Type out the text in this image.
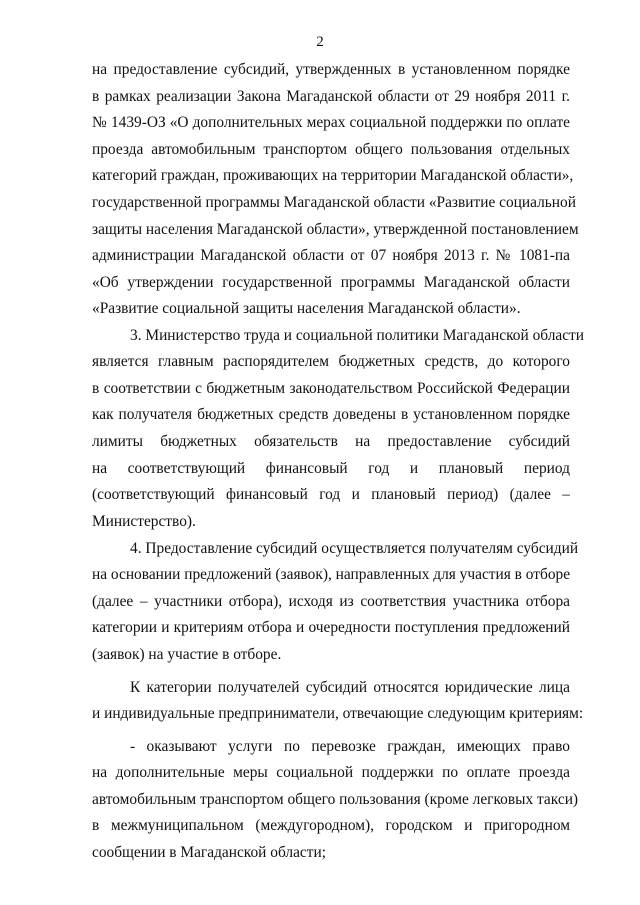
2
на предоставление субсидий, утвержденных в установленном порядке
в рамках реализации Закона Магаданской области от 29 ноября 2011 г.
№ 1439-ОЗ «О дополнительных мерах социальной поддержки по оплате
проезда автомобильным транспортом общего пользования отдельных
категорий граждан, проживающих на территории Магаданской области»,
государственной программы Магаданской области «Развитие социальной
защиты населения Магаданской области», утвержденной постановлением
администрации Магаданской области от 07 ноября 2013 г. № 1081-па
«Об утверждении государственной программы Магаданской области
«Развитие социальной защиты населения Магаданской области».
3. Министерство труда и социальной политики Магаданской области
является главным распорядителем бюджетных средств, до которого
в соответствии с бюджетным законодательством Российской Федерации
как получателя бюджетных средств доведены в установленном порядке
лимиты бюджетных обязательств на предоставление субсидий
на соответствующий финансовый год и плановый период
(соответствующий финансовый год и плановый период) (далее –
Министерство).
4. Предоставление субсидий осуществляется получателям субсидий
на основании предложений (заявок), направленных для участия в отборе
(далее – участники отбора), исходя из соответствия участника отбора
категории и критериям отбора и очередности поступления предложений
(заявок) на участие в отборе.
К категории получателей субсидий относятся юридические лица
и индивидуальные предприниматели, отвечающие следующим критериям:
- оказывают услуги по перевозке граждан, имеющих право
на дополнительные меры социальной поддержки по оплате проезда
автомобильным транспортом общего пользования (кроме легковых такси)
в межмуниципальном (междугородном), городском и пригородном
сообщении в Магаданской области;
